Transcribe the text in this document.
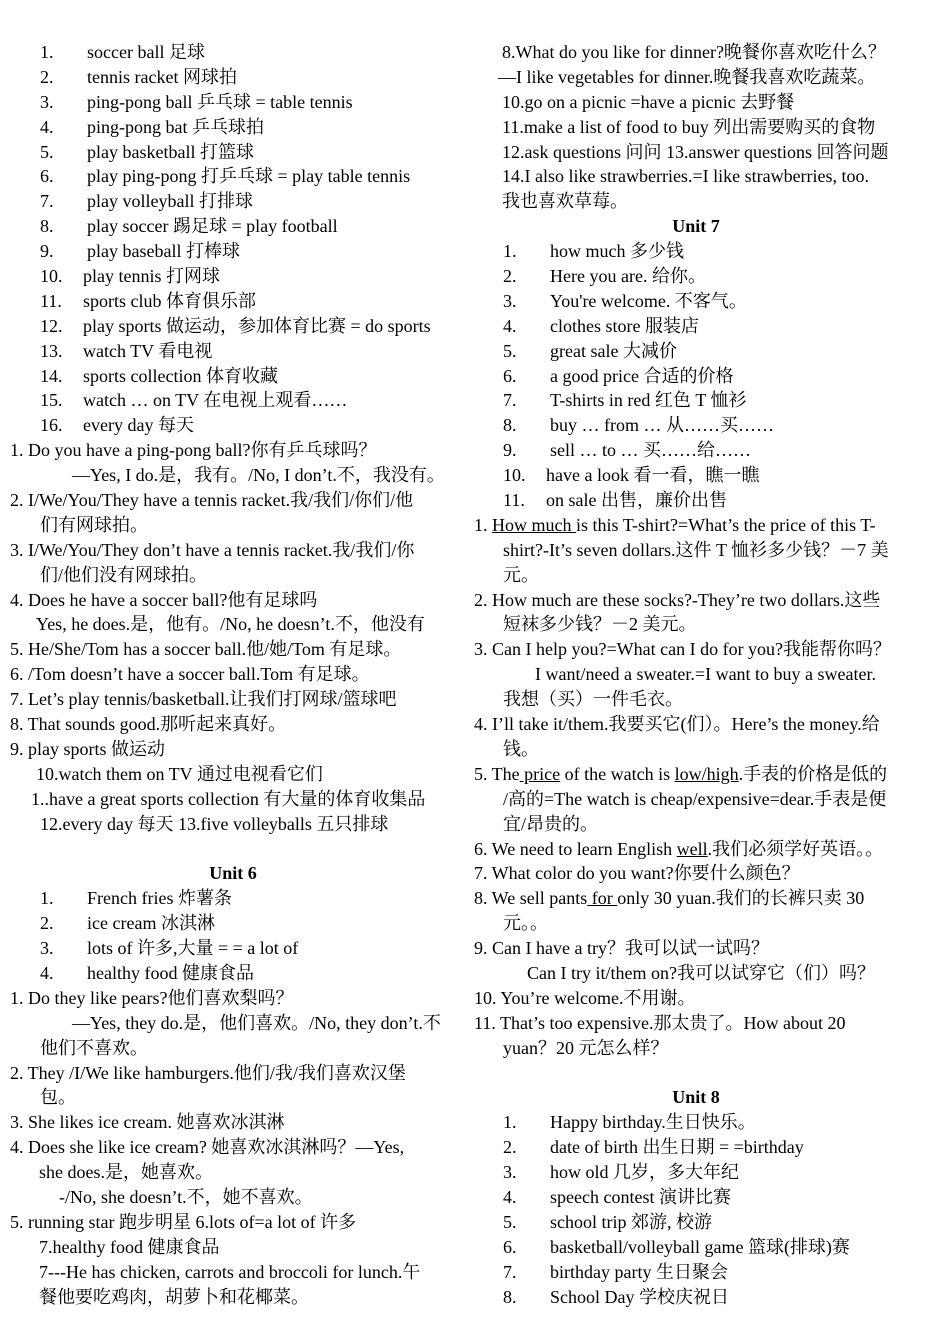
1. soccer ball 足球
2. tennis racket 网球拍
3. ping-pong ball 乒乓球 = table tennis
4. ping-pong bat 乒乓球拍
5. play basketball 打篮球
6. play ping-pong 打乒乓球 = play table tennis
7. play volleyball 打排球
8. play soccer 踢足球 = play football
9. play baseball 打棒球
10. play tennis 打网球
11. sports club 体育俱乐部
12. play sports 做运动，参加体育比赛 = do sports
13. watch TV 看电视
14. sports collection 体育收藏
15. watch … on TV 在电视上观看……
16. every day 每天
1. Do you have a ping-pong ball?你有乒乓球吗？
—Yes, I do.是，我有。/No, I don’t.不，我没有。
2. I/We/You/They have a tennis racket.我/我们/你们/他
们有网球拍。
3. I/We/You/They don’t have a tennis racket.我/我们/你
们/他们没有网球拍。
4. Does he have a soccer ball?他有足球吗
Yes, he does.是，他有。/No, he doesn’t.不，他没有
5. He/She/Tom has a soccer ball.他/她/Tom 有足球。
6. /Tom doesn’t have a soccer ball.Tom 有足球。
7. Let’s play tennis/basketball.让我们打网球/篮球吧
8. That sounds good.那听起来真好。
9. play sports 做运动
10.watch them on TV 通过电视看它们
1..have a great sports collection 有大量的体育收集品
12.every day 每天 13.five volleyballs 五只排球
Unit 6
1. French fries 炸薯条
2. ice cream 冰淇淋
3. lots of 许多,大量 = = a lot of
4. healthy food 健康食品
1. Do they like pears?他们喜欢梨吗？
—Yes, they do.是，他们喜欢。/No, they don’t.不
他们不喜欢。
2. They /I/We like hamburgers.他们/我/我们喜欢汉堡
包。
3. She likes ice cream. 她喜欢冰淇淋
4. Does she like ice cream? 她喜欢冰淇淋吗？—Yes,
she does.是，她喜欢。
-/No, she doesn’t.不，她不喜欢。
5. running star 跑步明星 6.lots of=a lot of 许多
7.healthy food 健康食品
7---He has chicken, carrots and broccoli for lunch.午
餐他要吃鸡肉，胡萝卜和花椰菜。
8.What do you like for dinner?晚餐你喜欢吃什么？
—I like vegetables for dinner.晚餐我喜欢吃蔬菜。
10.go on a picnic =have a picnic 去野餐
11.make a list of food to buy 列出需要购买的食物
12.ask questions 问问 13.answer questions 回答问题
14.I also like strawberries.=I like strawberries, too.
我也喜欢草莓。
Unit 7
1. how much 多少钱
2. Here you are. 给你。
3. You're welcome. 不客气。
4. clothes store 服装店
5. great sale 大减价
6. a good price 合适的价格
7. T-shirts in red 红色 T 恤衫
8. buy … from … 从……买……
9. sell … to … 买……给……
10. have a look 看一看，瞧一瞧
11. on sale 出售，廉价出售
1. How much is this T-shirt?=What’s the price of this T-
shirt?-It’s seven dollars.这件 T 恤衫多少钱？－7 美
元。
2. How much are these socks?-They’re two dollars.这些
短袜多少钱？－2 美元。
3. Can I help you?=What can I do for you?我能帮你吗？
I want/need a sweater.=I want to buy a sweater.
我想（买）一件毛衣。
4. I’ll take it/them.我要买它(们）。Here’s the money.给
钱。
5. The price of the watch is low/high.手表的价格是低的
/高的=The watch is cheap/expensive=dear.手表是便
宜/昂贵的。
6. We need to learn English well.我们必须学好英语。。
7. What color do you want?你要什么颜色？
8. We sell pants for only 30 yuan.我们的长裤只卖 30
元。。
9. Can I have a try？我可以试一试吗？
Can I try it/them on?我可以试穿它（们）吗？
10. You’re welcome.不用谢。
11. That’s too expensive.那太贵了。How about 20
yuan？20 元怎么样？
Unit 8
1. Happy birthday.生日快乐。
2. date of birth 出生日期 = =birthday
3. how old 几岁，多大年纪
4. speech contest 演讲比赛
5. school trip 郊游, 校游
6. basketball/volleyball game 篮球(排球)赛
7. birthday party 生日聚会
8. School Day 学校庆祝日
